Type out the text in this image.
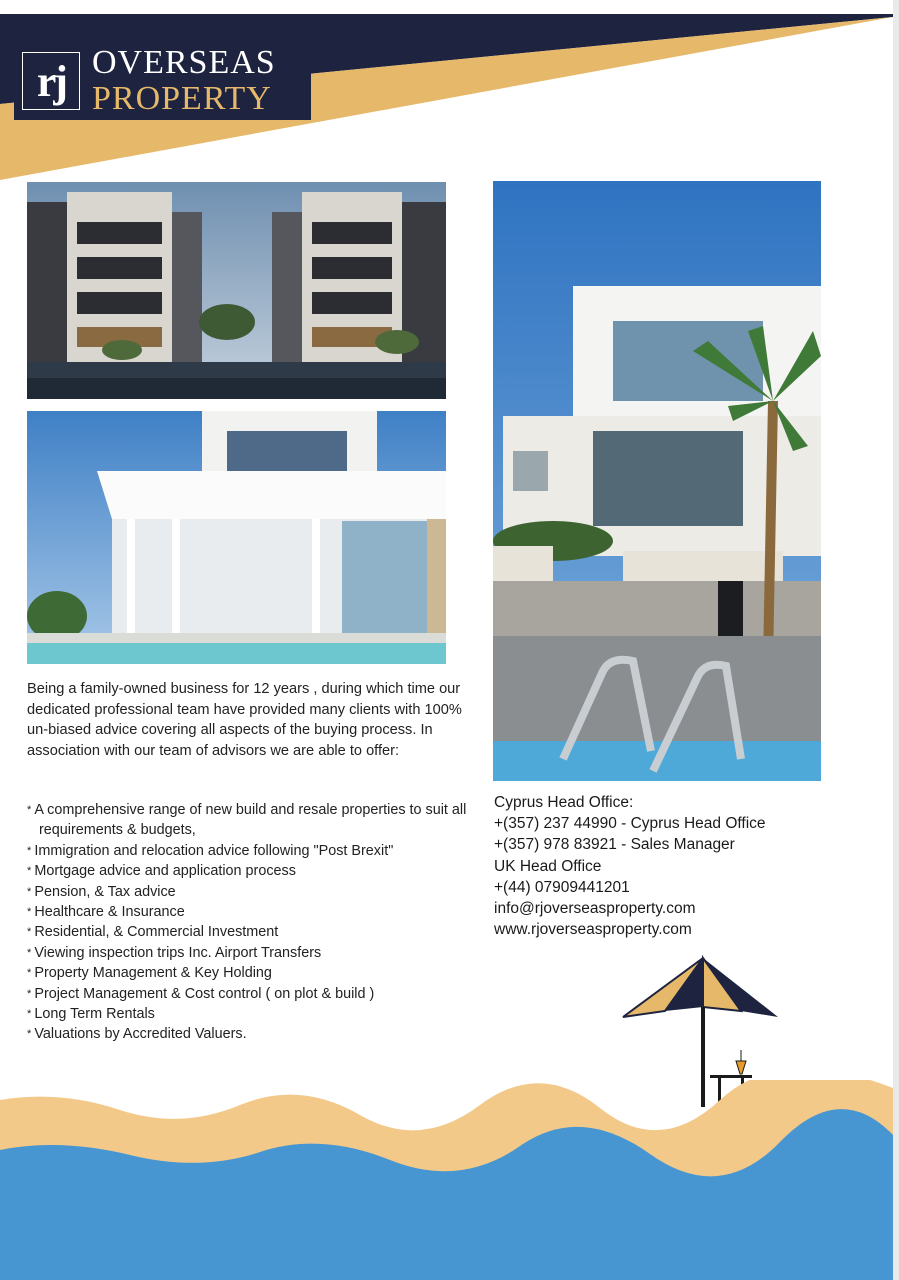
rj OVERSEAS
PROPERTY

Being a family-owned business for 12 years , during which time our dedicated professional team have provided many clients with 100% un-biased advice covering all aspects of the buying process. In association with our team of advisors we are able to offer:

* A comprehensive range of new build and resale properties to suit all requirements & budgets,
* Immigration and relocation advice following "Post Brexit"
* Mortgage advice and application process
* Pension, & Tax advice
* Healthcare & Insurance
* Residential, & Commercial Investment
* Viewing inspection trips Inc. Airport Transfers
* Property Management & Key Holding
* Project Management & Cost control ( on plot & build )
* Long Term Rentals
* Valuations by Accredited Valuers.
Cyprus Head Office:
+(357) 237 44990 - Cyprus Head Office
+(357) 978 83921 - Sales Manager
UK Head Office
+(44) 07909441201
info@rjoverseasproperty.com
www.rjoverseasproperty.com
